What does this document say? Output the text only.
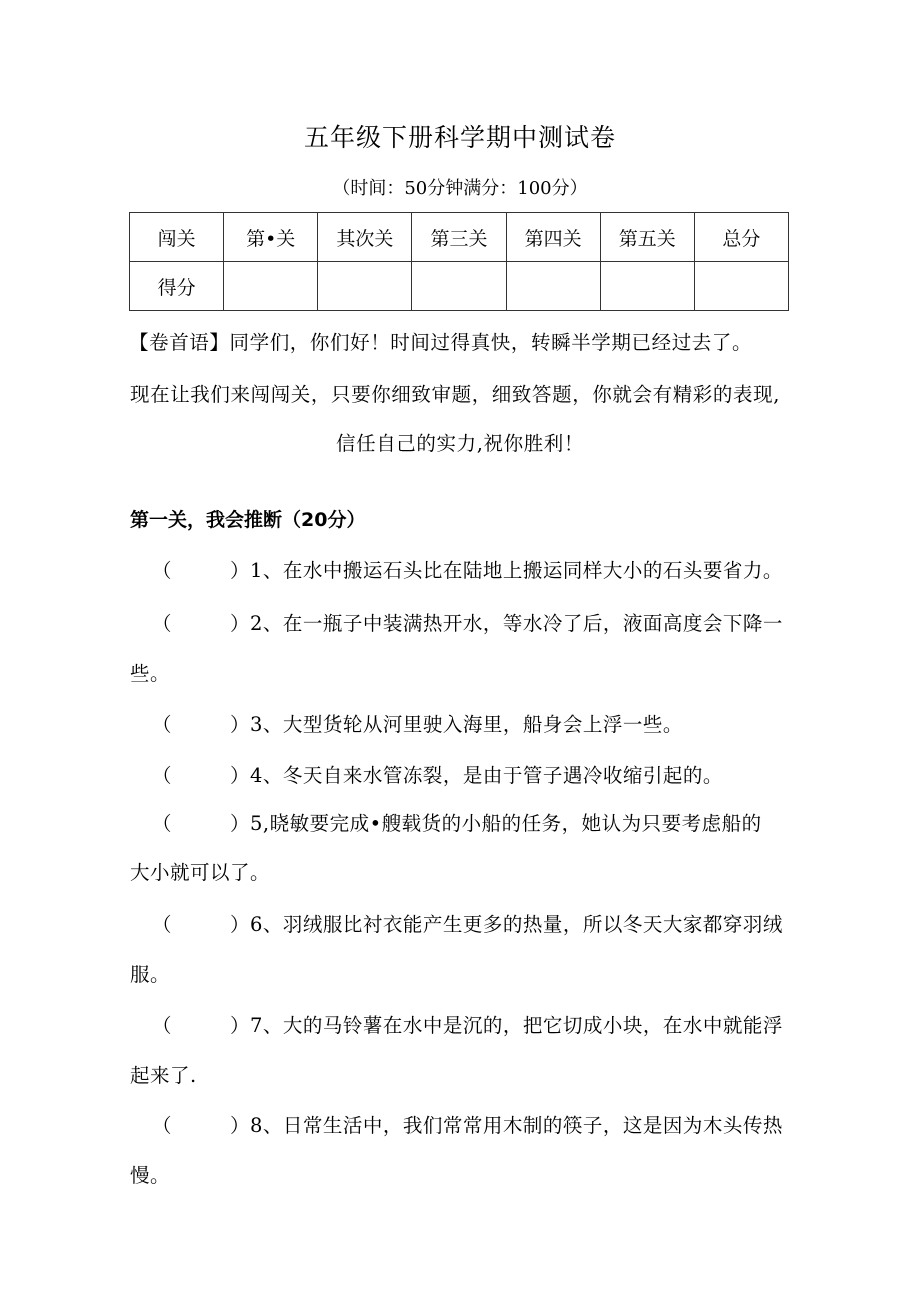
五年级下册科学期中测试卷
（时间：50分钟满分：100分）
闯关	第•关	其次关	第三关	第四关	第五关	总分
得分						
【卷首语】同学们，你们好！时间过得真快，转瞬半学期已经过去了。
现在让我们来闯闯关，只要你细致审题，细致答题，你就会有精彩的表现,
信任自己的实力,祝你胜利！
第一关，我会推断（20分）
（	） 1、在水中搬运石头比在陆地上搬运同样大小的石头要省力。
（	） 2、在一瓶子中装满热开水，等水冷了后，液面高度会下降一
些。
（	） 3、大型货轮从河里驶入海里，船身会上浮一些。
（	） 4、冬天自来水管冻裂，是由于管子遇冷收缩引起的。
（	） 5,晓敏要完成•艘载货的小船的任务，她认为只要考虑船的
大小就可以了。
（	） 6、羽绒服比衬衣能产生更多的热量，所以冬天大家都穿羽绒
服。
（	） 7、大的马铃薯在水中是沉的，把它切成小块，在水中就能浮
起来了.
（	） 8、日常生活中，我们常常用木制的筷子，这是因为木头传热
慢。
